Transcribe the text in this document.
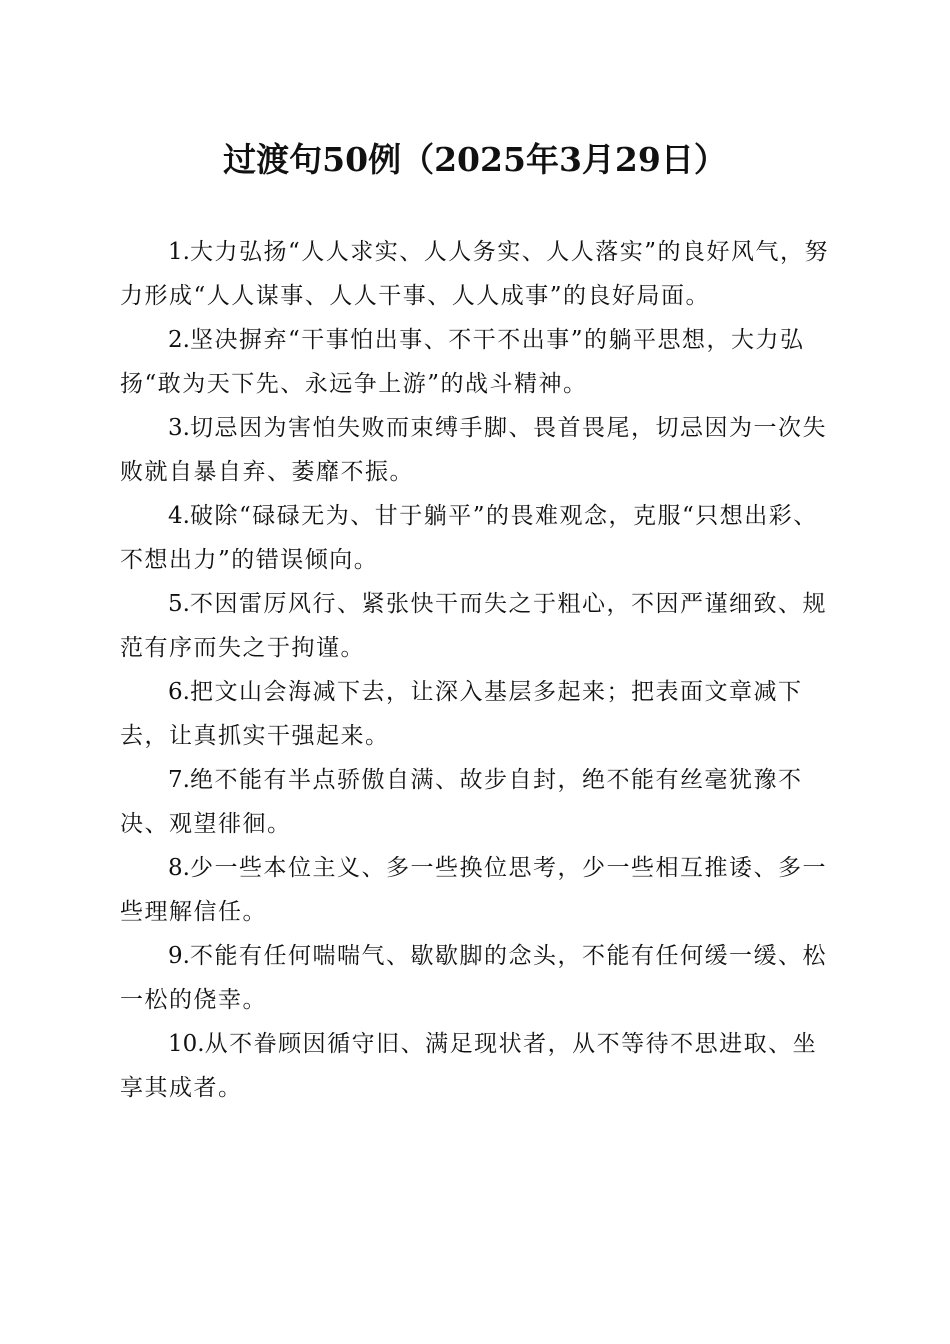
过渡句50例（2025年3月29日）

1.大力弘扬“人人求实、人人务实、人人落实”的良好风气，努力形成“人人谋事、人人干事、人人成事”的良好局面。

2.坚决摒弃“干事怕出事、不干不出事”的躺平思想，大力弘扬“敢为天下先、永远争上游”的战斗精神。

3.切忌因为害怕失败而束缚手脚、畏首畏尾，切忌因为一次失败就自暴自弃、萎靡不振。

4.破除“碌碌无为、甘于躺平”的畏难观念，克服“只想出彩、不想出力”的错误倾向。

5.不因雷厉风行、紧张快干而失之于粗心，不因严谨细致、规范有序而失之于拘谨。

6.把文山会海减下去，让深入基层多起来；把表面文章减下去，让真抓实干强起来。

7.绝不能有半点骄傲自满、故步自封，绝不能有丝毫犹豫不决、观望徘徊。

8.少一些本位主义、多一些换位思考，少一些相互推诿、多一些理解信任。

9.不能有任何喘喘气、歇歇脚的念头，不能有任何缓一缓、松一松的侥幸。

10.从不眷顾因循守旧、满足现状者，从不等待不思进取、坐享其成者。
